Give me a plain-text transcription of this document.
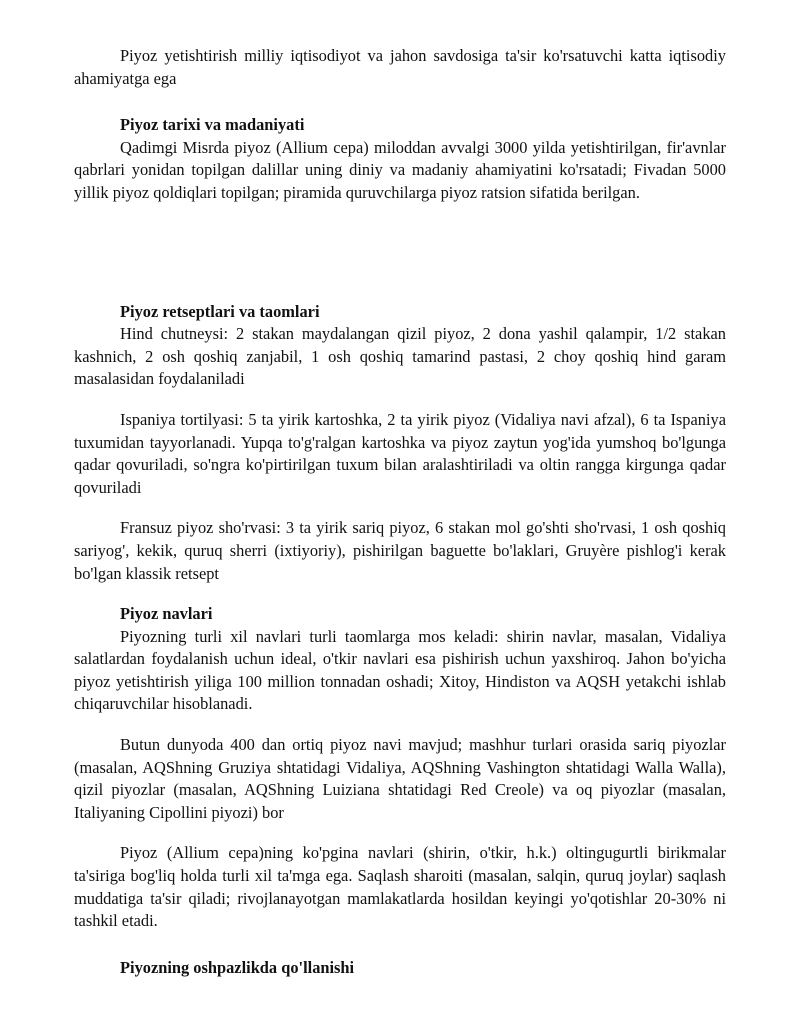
Piyoz yetishtirish milliy iqtisodiyot va jahon savdosiga ta'sir ko'rsatuvchi katta iqtisodiy ahamiyatga ega

Piyoz tarixi va madaniyati

Qadimgi Misrda piyoz (Allium cepa) miloddan avvalgi 3000 yilda yetishtirilgan, fir'avnlar qabrlari yonidan topilgan dalillar uning diniy va madaniy ahamiyatini ko'rsatadi; Fivadan 5000 yillik piyoz qoldiqlari topilgan; piramida quruvchilarga piyoz ratsion sifatida berilgan.

Piyoz retseptlari va taomlari

Hind chutneysi: 2 stakan maydalangan qizil piyoz, 2 dona yashil qalampir, 1/2 stakan kashnich, 2 osh qoshiq zanjabil, 1 osh qoshiq tamarind pastasi, 2 choy qoshiq hind garam masalasidan foydalaniladi

Ispaniya tortilyasi: 5 ta yirik kartoshka, 2 ta yirik piyoz (Vidaliya navi afzal), 6 ta Ispaniya tuxumidan tayyorlanadi. Yupqa to'g'ralgan kartoshka va piyoz zaytun yog'ida yumshoq bo'lgunga qadar qovuriladi, so'ngra ko'pirtirilgan tuxum bilan aralashtiriladi va oltin rangga kirgunga qadar qovuriladi

Fransuz piyoz sho'rvasi: 3 ta yirik sariq piyoz, 6 stakan mol go'shti sho'rvasi, 1 osh qoshiq sariyog', kekik, quruq sherri (ixtiyoriy), pishirilgan baguette bo'laklari, Gruyère pishlog'i kerak bo'lgan klassik retsept

Piyoz navlari

Piyozning turli xil navlari turli taomlarga mos keladi: shirin navlar, masalan, Vidaliya salatlardan foydalanish uchun ideal, o'tkir navlari esa pishirish uchun yaxshiroq. Jahon bo'yicha piyoz yetishtirish yiliga 100 million tonnadan oshadi; Xitoy, Hindiston va AQSH yetakchi ishlab chiqaruvchilar hisoblanadi.

Butun dunyoda 400 dan ortiq piyoz navi mavjud; mashhur turlari orasida sariq piyozlar (masalan, AQShning Gruziya shtatidagi Vidaliya, AQShning Vashington shtatidagi Walla Walla), qizil piyozlar (masalan, AQShning Luiziana shtatidagi Red Creole) va oq piyozlar (masalan, Italiyaning Cipollini piyozi) bor

Piyoz (Allium cepa)ning ko'pgina navlari (shirin, o'tkir, h.k.) oltingugurtli birikmalar ta'siriga bog'liq holda turli xil ta'mga ega. Saqlash sharoiti (masalan, salqin, quruq joylar) saqlash muddatiga ta'sir qiladi; rivojlanayotgan mamlakatlarda hosildan keyingi yo'qotishlar 20-30% ni tashkil etadi.

Piyozning oshpazlikda qo'llanishi
